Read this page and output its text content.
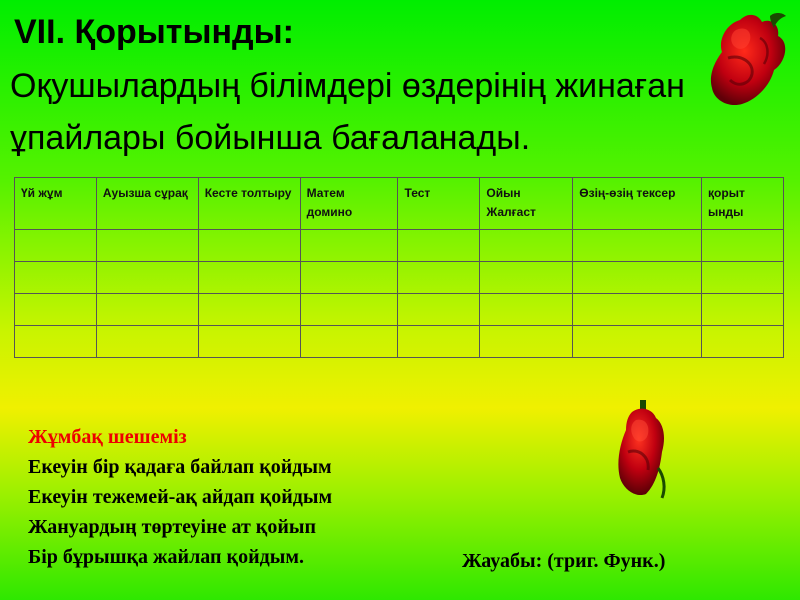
VII. Қорытынды:
Оқушылардың білімдері өздерінің жинаған ұпайлары бойынша бағаланады.
Үй жұм	Ауызша сұрақ	Кесте толтыру	Матем домино	Тест	Ойын Жалғаст	Өзің-өзің тексер	қорыт ынды

Жұмбақ шешеміз
Екеуін бір қадаға байлап қойдым
Екеуін тежемей-ақ айдап қойдым
Жануардың төртеуіне ат қойып
Бір бұрышқа жайлап қойдым.	Жауабы: (триг. Функ.)
